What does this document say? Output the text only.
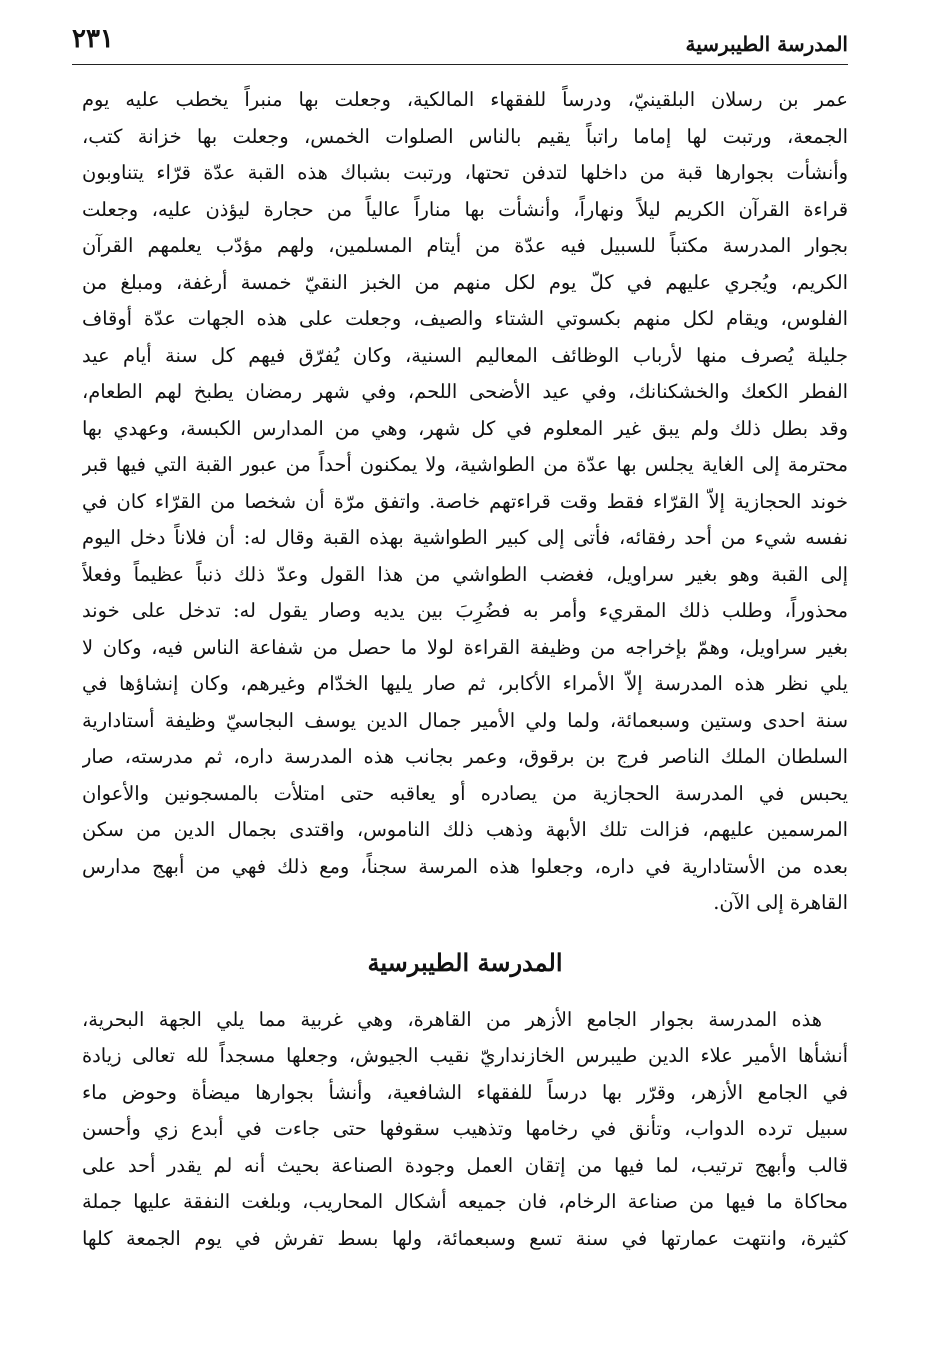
المدرسة الطيبرسية
٢٣١
عمر بن رسلان البلقينيّ، ودرساً للفقهاء المالكية، وجعلت بها منبراً يخطب عليه يوم
الجمعة، ورتبت لها إماما راتباً يقيم بالناس الصلوات الخمس، وجعلت بها خزانة كتب،
وأنشأت بجوارها قبة من داخلها لتدفن تحتها، ورتبت بشباك هذه القبة عدّة قرّاء يتناوبون
قراءة القرآن الكريم ليلاً ونهاراً، وأنشأت بها مناراً عالياً من حجارة ليؤذن عليه، وجعلت
بجوار المدرسة مكتباً للسبيل فيه عدّة من أيتام المسلمين، ولهم مؤدّب يعلمهم القرآن
الكريم، ويُجري عليهم في كلّ يوم لكل منهم من الخبز النقيّ خمسة أرغفة، ومبلغ من
الفلوس، ويقام لكل منهم بكسوتي الشتاء والصيف، وجعلت على هذه الجهات عدّة أوقاف
جليلة يُصرف منها لأرباب الوظائف المعاليم السنية، وكان يُفرّق فيهم كل سنة أيام عيد
الفطر الكعك والخشكنانك، وفي عيد الأضحى اللحم، وفي شهر رمضان يطبخ لهم الطعام،
وقد بطل ذلك ولم يبق غير المعلوم في كل شهر، وهي من المدارس الكبسة، وعهدي بها
محترمة إلى الغاية يجلس بها عدّة من الطواشية، ولا يمكنون أحداً من عبور القبة التي فيها قبر
خوند الحجازية إلاّ القرّاء فقط وقت قراءتهم خاصة. واتفق مرّة أن شخصا من القرّاء كان في
نفسه شيء من أحد رفقائه، فأتى إلى كبير الطواشية بهذه القبة وقال له: أن فلاناً دخل اليوم
إلى القبة وهو بغير سراويل، فغضب الطواشي من هذا القول وعدّ ذلك ذنباً عظيماً وفعلاً
محذوراً، وطلب ذلك المقريء وأمر به فضُرِبَ بين يديه وصار يقول له: تدخل على خوند
بغير سراويل، وهمّ بإخراجه من وظيفة القراءة لولا ما حصل من شفاعة الناس فيه، وكان لا
يلي نظر هذه المدرسة إلاّ الأمراء الأكابر، ثم صار يليها الخدّام وغيرهم، وكان إنشاؤها في
سنة احدى وستين وسبعمائة، ولما ولي الأمير جمال الدين يوسف البجاسيّ وظيفة أستادارية
السلطان الملك الناصر فرج بن برقوق، وعمر بجانب هذه المدرسة داره، ثم مدرسته، صار
يحبس في المدرسة الحجازية من يصادره أو يعاقبه حتى امتلأت بالمسجونين والأعوان
المرسمين عليهم، فزالت تلك الأبهة وذهب ذلك الناموس، واقتدى بجمال الدين من سكن
بعده من الأستادارية في داره، وجعلوا هذه المرسة سجناً، ومع ذلك فهي من أبهج مدارس
القاهرة إلى الآن.
المدرسة الطيبرسية
هذه المدرسة بجوار الجامع الأزهر من القاهرة، وهي غربية مما يلي الجهة البحرية،
أنشأها الأمير علاء الدين طيبرس الخازنداريّ نقيب الجيوش، وجعلها مسجداً لله تعالى زيادة
في الجامع الأزهر، وقرّر بها درساً للفقهاء الشافعية، وأنشأ بجوارها ميضأة وحوض ماء
سبيل ترده الدواب، وتأنق في رخامها وتذهيب سقوفها حتى جاءت في أبدع زي وأحسن
قالب وأبهج ترتيب، لما فيها من إتقان العمل وجودة الصناعة بحيث أنه لم يقدر أحد على
محاكاة ما فيها من صناعة الرخام، فان جميعه أشكال المحاريب، وبلغت النفقة عليها جملة
كثيرة، وانتهت عمارتها في سنة تسع وسبعمائة، ولها بسط تفرش في يوم الجمعة كلها
